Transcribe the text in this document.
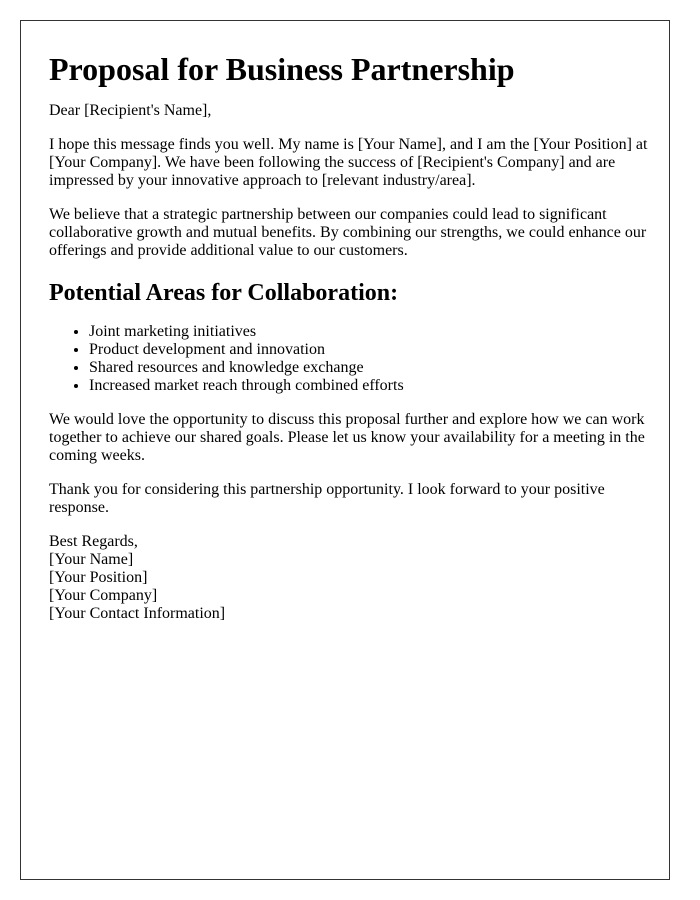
Proposal for Business Partnership

Dear [Recipient's Name],

I hope this message finds you well. My name is [Your Name], and I am the [Your Position] at [Your Company]. We have been following the success of [Recipient's Company] and are impressed by your innovative approach to [relevant industry/area].

We believe that a strategic partnership between our companies could lead to significant collaborative growth and mutual benefits. By combining our strengths, we could enhance our offerings and provide additional value to our customers.

Potential Areas for Collaboration:
• Joint marketing initiatives
• Product development and innovation
• Shared resources and knowledge exchange
• Increased market reach through combined efforts

We would love the opportunity to discuss this proposal further and explore how we can work together to achieve our shared goals. Please let us know your availability for a meeting in the coming weeks.

Thank you for considering this partnership opportunity. I look forward to your positive response.

Best Regards,

[Your Name]

[Your Position]

[Your Company]

[Your Contact Information]
